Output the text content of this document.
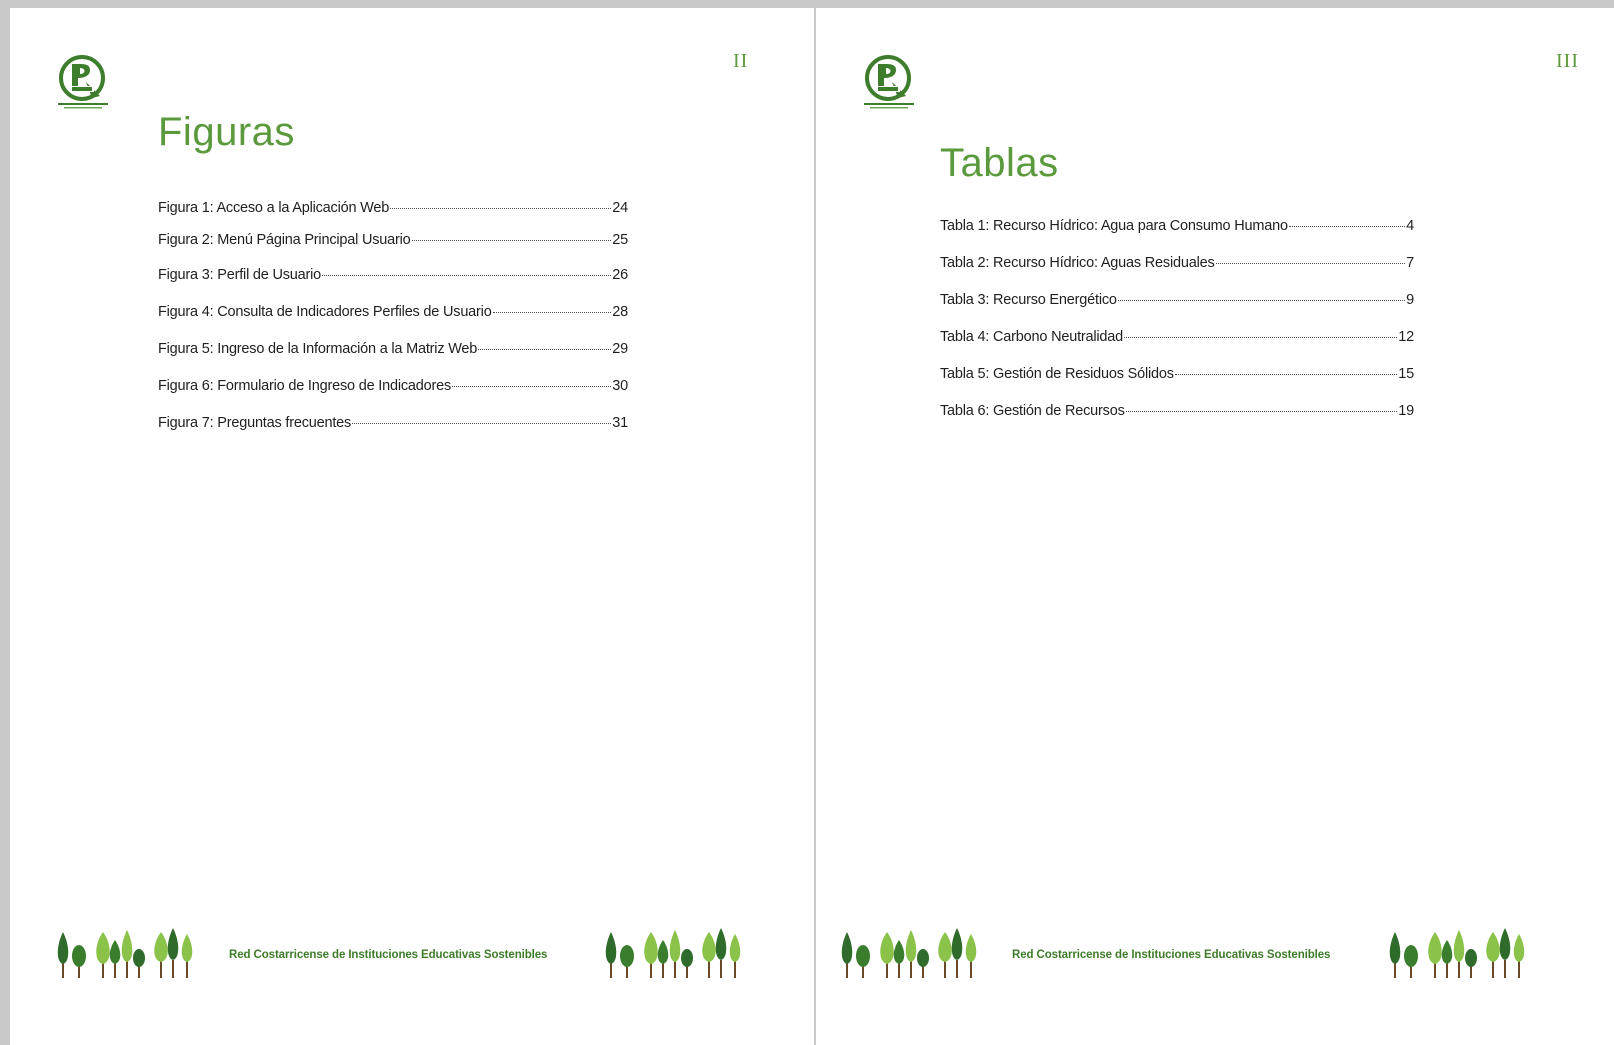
II
Figuras
Figura 1: Acceso a la Aplicación Web	24
Figura 2: Menú Página Principal Usuario	25
Figura 3: Perfil de Usuario	26
Figura 4: Consulta de Indicadores Perfiles de Usuario	28
Figura 5: Ingreso de la Información a la Matriz Web	29
Figura 6: Formulario de Ingreso de Indicadores	30
Figura 7: Preguntas frecuentes	31
Red Costarricense de Instituciones Educativas Sostenibles
III
Tablas
Tabla 1: Recurso Hídrico: Agua para Consumo Humano	4
Tabla 2: Recurso Hídrico: Aguas Residuales	7
Tabla 3: Recurso Energético	9
Tabla 4: Carbono Neutralidad	12
Tabla 5: Gestión de Residuos Sólidos	15
Tabla 6: Gestión de Recursos	19
Red Costarricense de Instituciones Educativas Sostenibles
